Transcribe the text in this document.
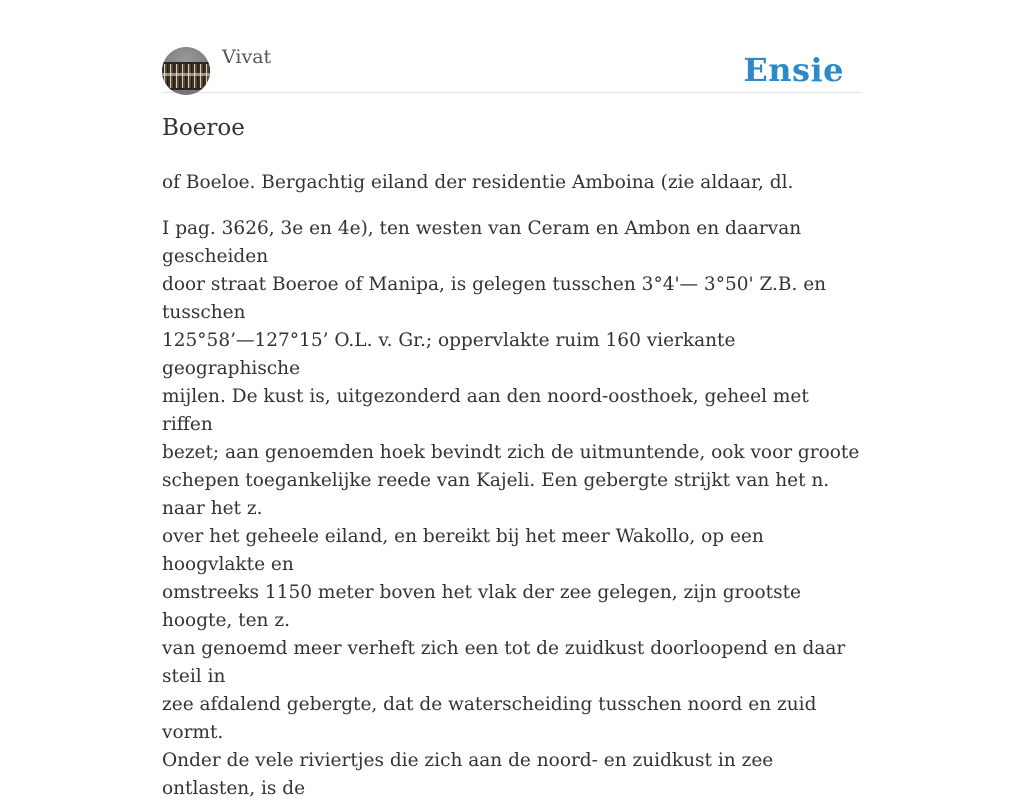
Vivat	Ensie
Boeroe

of Boeloe. Bergachtig eiland der residentie Amboina (zie aldaar, dl.

I pag. 3626, 3e en 4e), ten westen van Ceram en Ambon en daarvan gescheiden
door straat Boeroe of Manipa, is gelegen tusschen 3°4'— 3°50' Z.B. en tusschen
125°58’—127°15’ O.L. v. Gr.; oppervlakte ruim 160 vierkante geographische
mijlen. De kust is, uitgezonderd aan den noord-oosthoek, geheel met riffen
bezet; aan genoemden hoek bevindt zich de uitmuntende, ook voor groote
schepen toegankelijke reede van Kajeli. Een gebergte strijkt van het n. naar het z.
over het geheele eiland, en bereikt bij het meer Wakollo, op een hoogvlakte en
omstreeks 1150 meter boven het vlak der zee gelegen, zijn grootste hoogte, ten z.
van genoemd meer verheft zich een tot de zuidkust doorloopend en daar steil in
zee afdalend gebergte, dat de waterscheiding tusschen noord en zuid vormt.
Onder de vele riviertjes die zich aan de noord- en zuidkust in zee ontlasten, is de
